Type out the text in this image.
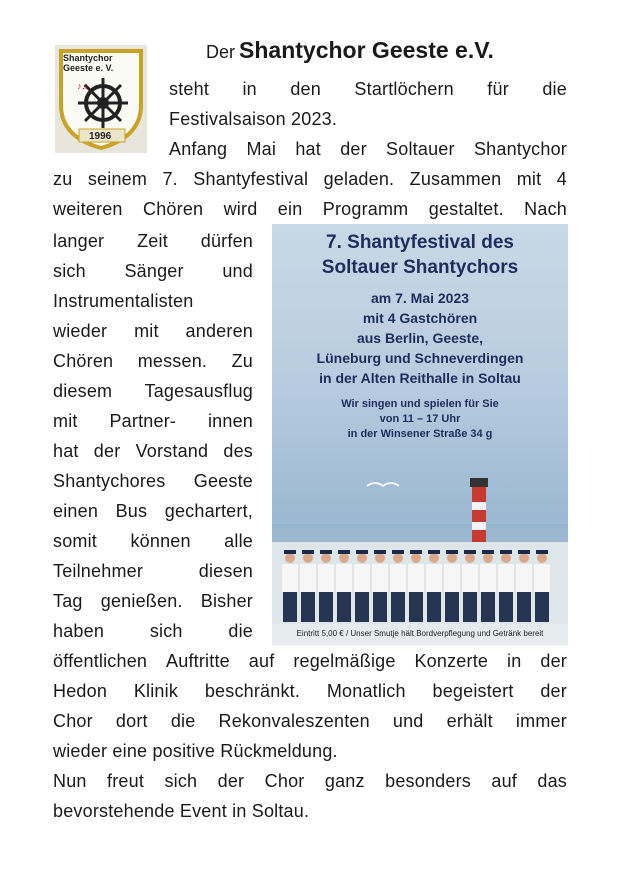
♪♫
Shantychor
Geeste e. V.
1996
Der Shantychor Geeste e.V.
steht in den Startlöchern für die
Festivalsaison 2023.
Anfang Mai hat der Soltauer Shantychor
zu seinem 7. Shantyfestival geladen. Zusammen mit 4
weiteren Chören wird ein Programm gestaltet. Nach
langer Zeit dürfen
sich Sänger und
Instrumentalisten
wieder mit anderen
Chören messen. Zu
diesem Tagesausflug
mit Partner- innen
hat der Vorstand des
Shantychores Geeste
einen Bus gechartert,
somit können alle
Teilnehmer	diesen
Tag genießen. Bisher
haben	sich	die
7. Shantyfestival des
Soltauer Shantychors
am 7. Mai 2023
mit 4 Gastchören
aus Berlin, Geeste,
Lüneburg und Schneverdingen
in der Alten Reithalle in Soltau
Wir singen und spielen für Sie
von 11 – 17 Uhr
in der Winsener Straße 34 g
Eintritt 5,00 € / Unser Smutje hält Bordverpflegung und Getränk bereit
öffentlichen Auftritte auf regelmäßige Konzerte in der
Hedon Klinik beschränkt. Monatlich begeistert der
Chor dort die Rekonvaleszenten und erhält immer
wieder eine positive Rückmeldung.
Nun freut sich der Chor ganz besonders auf das
bevorstehende Event in Soltau.
